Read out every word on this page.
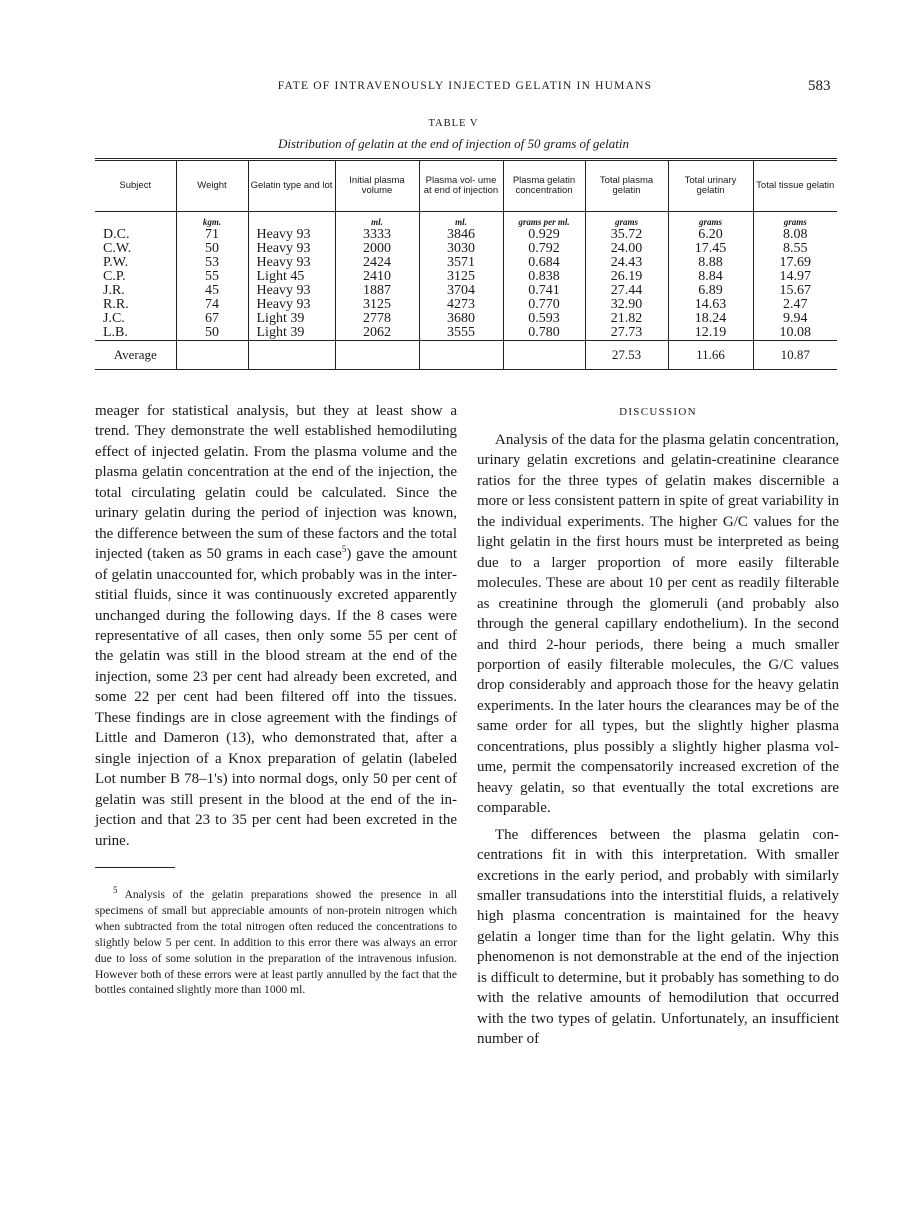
FATE OF INTRAVENOUSLY INJECTED GELATIN IN HUMANS	583
TABLE V
Distribution of gelatin at the end of injection of 50 grams of gelatin
Subject	Weight	Gelatin type and lot	Initial plasma volume	Plasma vol- ume at end of injection	Plasma gelatin concentration	Total plasma gelatin	Total urinary gelatin	Total tissue gelatin
	kgm.		ml.	ml.	grams per ml.	grams	grams	grams
D.C.	71	Heavy 93	3333	3846	0.929	35.72	6.20	8.08
C.W.	50	Heavy 93	2000	3030	0.792	24.00	17.45	8.55
P.W.	53	Heavy 93	2424	3571	0.684	24.43	8.88	17.69
C.P.	55	Light 45	2410	3125	0.838	26.19	8.84	14.97
J.R.	45	Heavy 93	1887	3704	0.741	27.44	6.89	15.67
R.R.	74	Heavy 93	3125	4273	0.770	32.90	14.63	2.47
J.C.	67	Light 39	2778	3680	0.593	21.82	18.24	9.94
L.B.	50	Light 39	2062	3555	0.780	27.73	12.19	10.08
Average						27.53	11.66	10.87

meager for statistical analysis, but they at least show a trend. They demonstrate the well established hemodiluting effect of injected gelatin. From the plasma volume and the plasma gelatin concentration at the end of the injection, the total circulating gelatin could be calculated. Since the urinary gelatin during the period of injection was known, the difference between the sum of these factors and the total injected (taken as 50 grams in each case$^5$) gave the amount of gelatin unaccounted for, which probably was in the interstitial fluids, since it was continuously excreted apparently unchanged during the following days. If the 8 cases were representative of all cases, then only some 55 per cent of the gelatin was still in the blood stream at the end of the injection, some 23 per cent had already been excreted, and some 22 per cent had been filtered off into the tissues. These findings are in close agreement with the findings of Little and Dameron (13), who demonstrated that, after a single injection of a Knox preparation of gelatin (labeled Lot number B 78–1's) into normal dogs, only 50 per cent of gelatin was still present in the blood at the end of the injection and that 23 to 35 per cent had been excreted in the urine.

$^5$ Analysis of the gelatin preparations showed the presence in all specimens of small but appreciable amounts of non-protein nitrogen which when subtracted from the total nitrogen often reduced the concentrations to slightly below 5 per cent. In addition to this error there was always an error due to loss of some solution in the preparation of the intravenous infusion. However both of these errors were at least partly annulled by the fact that the bottles contained slightly more than 1000 ml.

DISCUSSION

Analysis of the data for the plasma gelatin concentration, urinary gelatin excretions and gelatin-creatinine clearance ratios for the three types of gelatin makes discernible a more or less consistent pattern in spite of great variability in the individual experiments. The higher G/C values for the light gelatin in the first hours must be interpreted as being due to a larger proportion of more easily filterable molecules. These are about 10 per cent as readily filterable as creatinine through the glomeruli (and probably also through the general capillary endothelium). In the second and third 2-hour periods, there being a much smaller porportion of easily filterable molecules, the G/C values drop considerably and approach those for the heavy gelatin experiments. In the later hours the clearances may be of the same order for all types, but the slightly higher plasma concentrations, plus possibly a slightly higher plasma volume, permit the compensatorily increased excretion of the heavy gelatin, so that eventually the total excretions are comparable.

The differences between the plasma gelatin concentrations fit in with this interpretation. With smaller excretions in the early period, and probably with similarly smaller transudations into the interstitial fluids, a relatively high plasma concentration is maintained for the heavy gelatin a longer time than for the light gelatin. Why this phenomenon is not demonstrable at the end of the injection is difficult to determine, but it probably has something to do with the relative amounts of hemodilution that occurred with the two types of gelatin. Unfortunately, an insufficient number of
